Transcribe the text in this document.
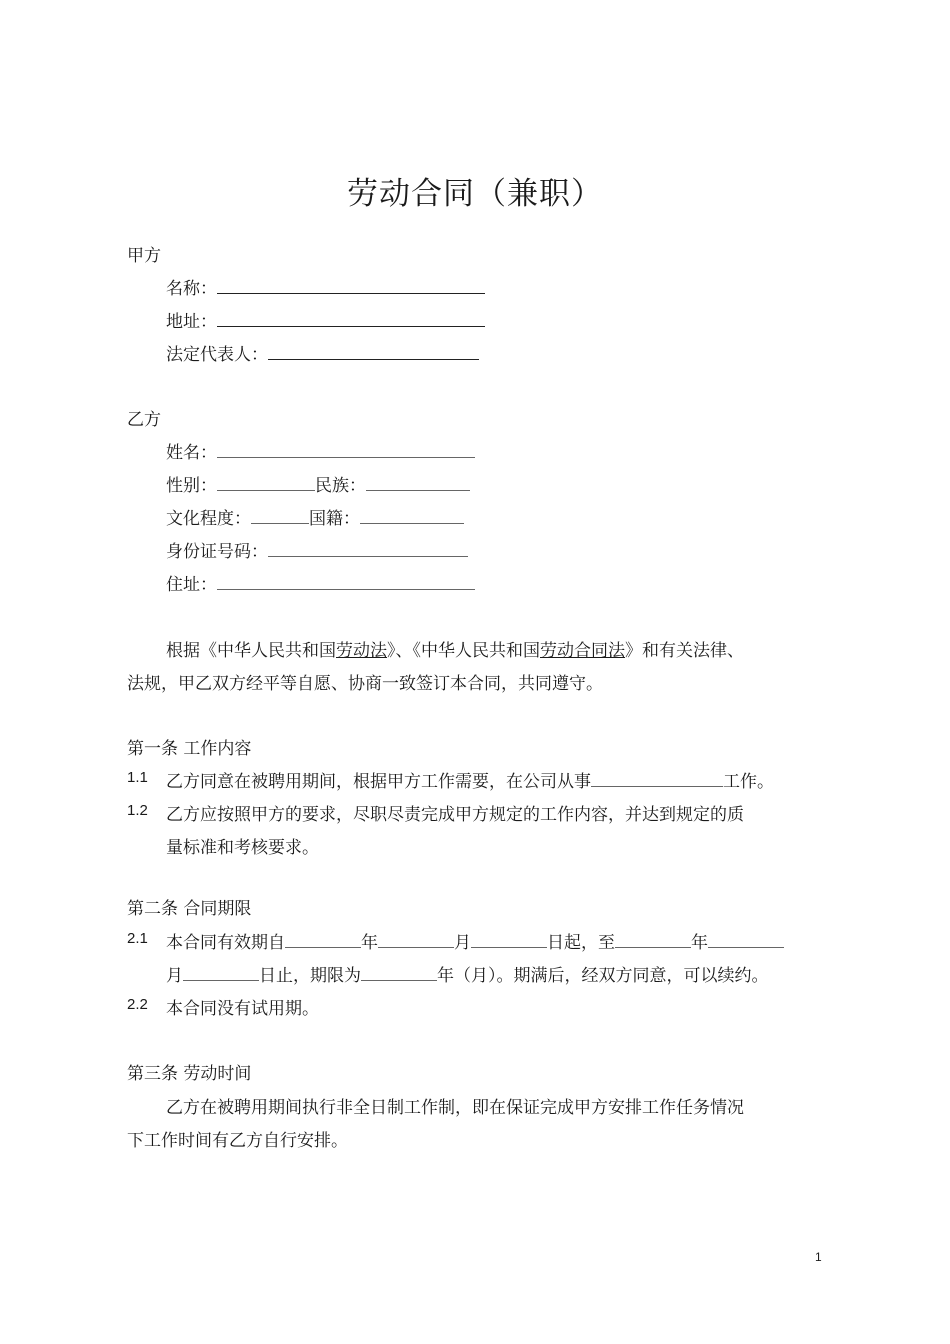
劳动合同（兼职）
甲方
名称：
地址：
法定代表人：
乙方
姓名：
性别：	民族：
文化程度：	国籍：
身份证号码：
住址：
根据《中华人民共和国劳动法》、《中华人民共和国劳动合同法》和有关法律、
法规，甲乙双方经平等自愿、协商一致签订本合同，共同遵守。
第一条 工作内容
1.1 乙方同意在被聘用期间，根据甲方工作需要，在公司从事	工作。
1.2 乙方应按照甲方的要求，尽职尽责完成甲方规定的工作内容，并达到规定的质
量标准和考核要求。
第二条 合同期限
2.1 本合同有效期自	年	月	日起，至	年
月	日止，期限为	年（月）。期满后，经双方同意，可以续约。
2.2 本合同没有试用期。
第三条 劳动时间
乙方在被聘用期间执行非全日制工作制，即在保证完成甲方安排工作任务情况
下工作时间有乙方自行安排。
1
